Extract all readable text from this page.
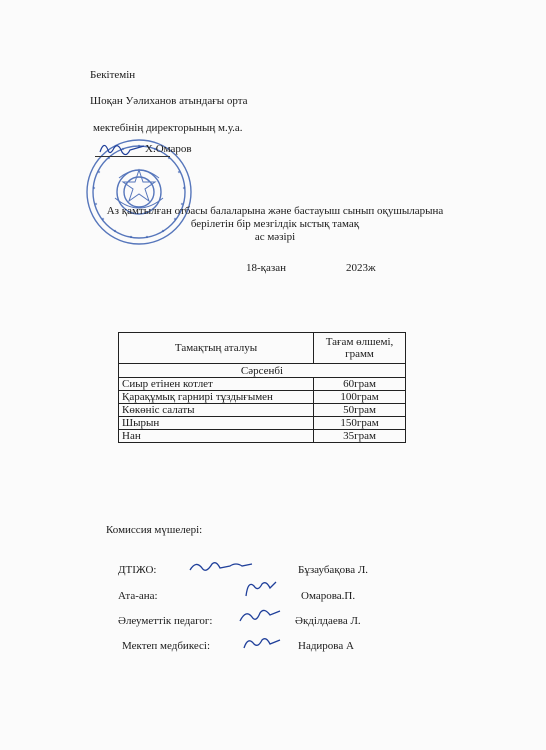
Бекітемін
Шоқан Уәлиханов атындағы орта
мектебінің директорының м.у.а.
Х.Омаров
Аз қамтылған отбасы балаларына және бастауыш сынып оқушыларына
берілетін бір мезгілдік ыстық тамақ
ас мәзірі
18-қазан	2023ж
Тамақтың аталуы	Тағам өлшемі, грамм
Сәрсенбі	
Сиыр етінен котлет	60грам
Қарақұмық гарнирі тұздығымен	100грам
Көкөніс салаты	50грам
Шырын	150грам
Нан	35грам
Комиссия мүшелері:
ДТІЖО:	Бұзаубақова Л.
Ата-ана:	Омарова.П.
Әлеуметтік педагог:	Әкділдаева Л.
Мектеп медбикесі:	Надирова А
